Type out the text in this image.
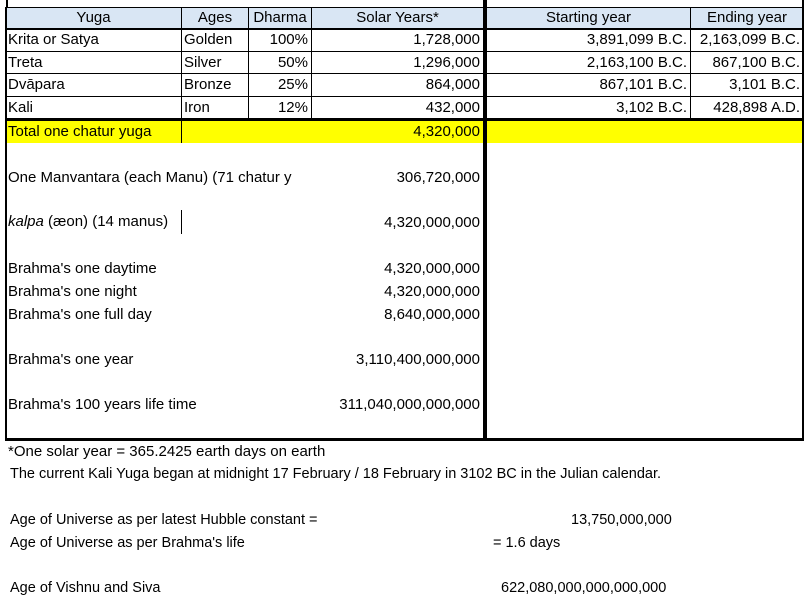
Yuga	Ages	Dharma	Solar Years*	Starting year	Ending year
Krita or Satya	Golden	100%	1,728,000	3,891,099 B.C. 2,163,099 B.C.
Treta	Silver	50%	1,296,000	2,163,100 B.C.	867,100 B.C.
Dvāpara	Bronze	25%	864,000	867,101 B.C.	3,101 B.C.
Kali	Iron	12%	432,000	3,102 B.C.	428,898 A.D.
Total one chatur yuga	4,320,000
One Manvantara (each Manu) (71 chatur y	306,720,000
kalpa (æon) (14 manus)	4,320,000,000
Brahma's one daytime	4,320,000,000
Brahma's one night	4,320,000,000
Brahma's one full day	8,640,000,000
Brahma's one year	3,110,400,000,000
Brahma's 100 years life time	311,040,000,000,000
*One solar year = 365.2425 earth days on earth
The current Kali Yuga began at midnight 17 February / 18 February in 3102 BC in the Julian calendar.
Age of Universe as per latest Hubble constant =	13,750,000,000
Age of Universe as per Brahma's life	= 1.6 days
Age of Vishnu and Siva	622,080,000,000,000,000
